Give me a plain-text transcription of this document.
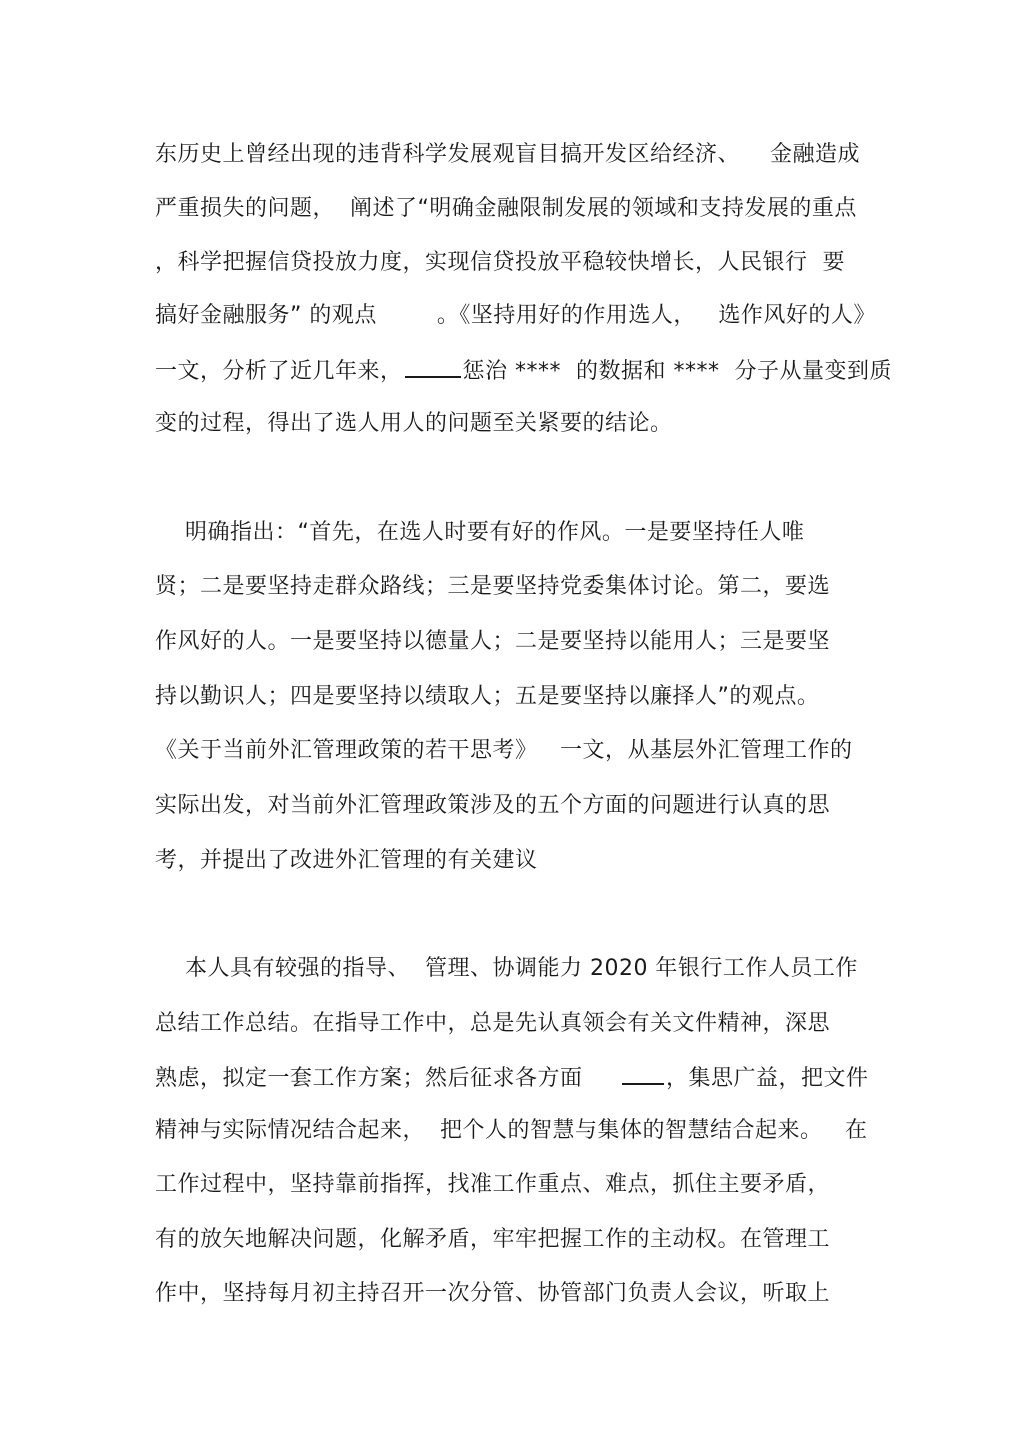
东历史上曾经出现的违背科学发展观盲目搞开发区给经济、    金融造成
严重损失的问题，  阐述了“明确金融限制发展的领域和支持发展的重点
，科学把握信贷投放力度，实现信贷投放平稳较快增长，人民银行  要
搞好金融服务” 的观点        。《坚持用好的作用选人，   选作风好的人》
一文，分析了近几年来，	惩治 ****  的数据和 ****  分子从量变到质
变的过程，得出了选人用人的问题至关紧要的结论。
明确指出：“首先，在选人时要有好的作风。一是要坚持任人唯
贤；二是要坚持走群众路线；三是要坚持党委集体讨论。第二，要选
作风好的人。一是要坚持以德量人；二是要坚持以能用人；三是要坚
持以勤识人；四是要坚持以绩取人；五是要坚持以廉择人”的观点。
《关于当前外汇管理政策的若干思考》   一文，从基层外汇管理工作的
实际出发，对当前外汇管理政策涉及的五个方面的问题进行认真的思
考，并提出了改进外汇管理的有关建议
本人具有较强的指导、  管理、协调能力 2020 年银行工作人员工作
总结工作总结。在指导工作中，总是先认真领会有关文件精神，深思
熟虑，拟定一套工作方案；然后征求各方面     ，集思广益，把文件
精神与实际情况结合起来，  把个人的智慧与集体的智慧结合起来。   在
工作过程中，坚持靠前指挥，找准工作重点、难点，抓住主要矛盾，
有的放矢地解决问题，化解矛盾，牢牢把握工作的主动权。在管理工
作中，坚持每月初主持召开一次分管、协管部门负责人会议，听取上
